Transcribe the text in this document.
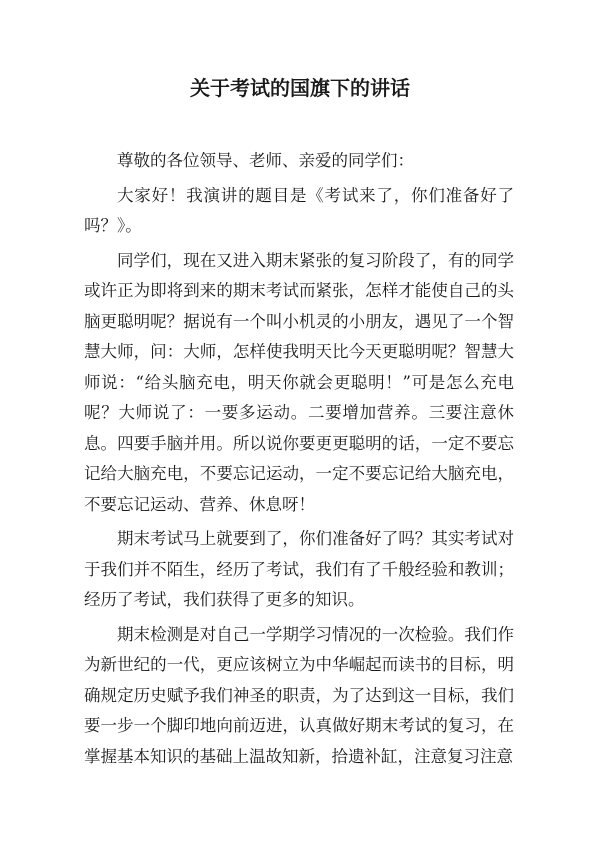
关于考试的国旗下的讲话

尊敬的各位领导、老师、亲爱的同学们：

大家好！我演讲的题目是《考试来了，你们准备好了吗？》。

同学们，现在又进入期末紧张的复习阶段了，有的同学或许正为即将到来的期末考试而紧张，怎样才能使自己的头脑更聪明呢？据说有一个叫小机灵的小朋友，遇见了一个智慧大师，问：大师，怎样使我明天比今天更聪明呢？智慧大师说：“给头脑充电，明天你就会更聪明！”可是怎么充电呢？大师说了：一要多运动。二要增加营养。三要注意休息。四要手脑并用。所以说你要更更聪明的话，一定不要忘记给大脑充电，不要忘记运动，一定不要忘记给大脑充电，不要忘记运动、营养、休息呀！

期末考试马上就要到了，你们准备好了吗？其实考试对于我们并不陌生，经历了考试，我们有了千般经验和教训；经历了考试，我们获得了更多的知识。

期末检测是对自己一学期学习情况的一次检验。我们作为新世纪的一代，更应该树立为中华崛起而读书的目标，明确规定历史赋予我们神圣的职责，为了达到这一目标，我们要一步一个脚印地向前迈进，认真做好期末考试的复习，在掌握基本知识的基础上温故知新，拾遗补缸，注意复习注意
